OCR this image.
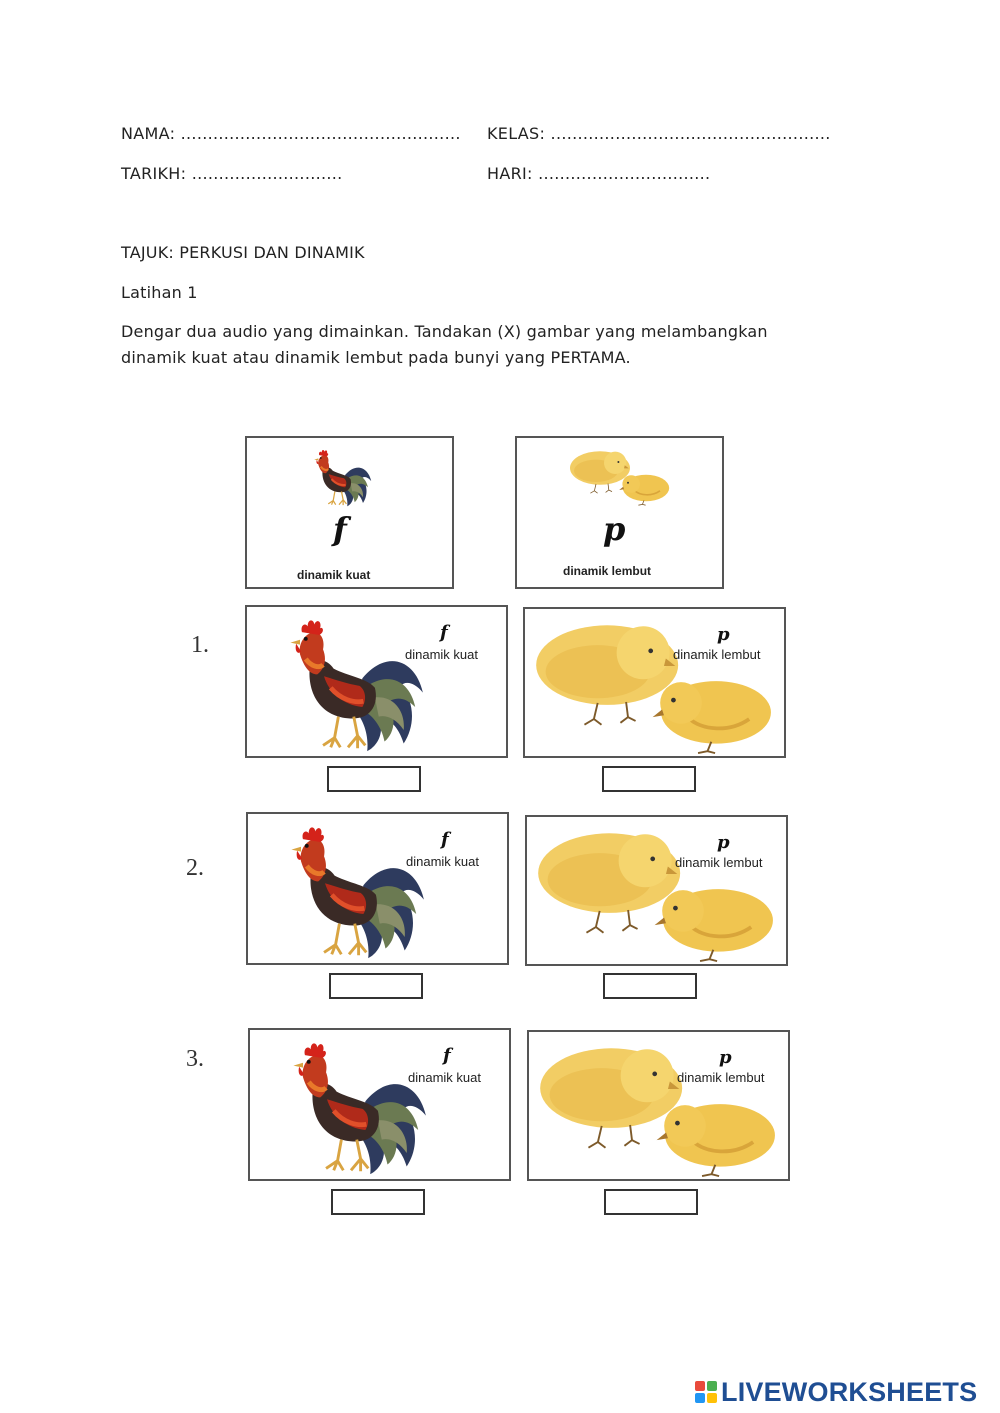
NAMA: .................................................... KELAS: ....................................................
TARIKH: ............................	HARI: ................................
TAJUK: PERKUSI DAN DINAMIK
Latihan 1
Dengar dua audio yang dimainkan. Tandakan (X) gambar yang melambangkan
dinamik kuat atau dinamik lembut pada bunyi yang PERTAMA.
f
dinamik kuat
p
dinamik lembut
1.	f
dinamik kuat
p
dinamik lembut
2.
f
dinamik kuat
p
dinamik lembut
3.	f
dinamik kuat
p
dinamik lembut
LIVEWORKSHEETS
